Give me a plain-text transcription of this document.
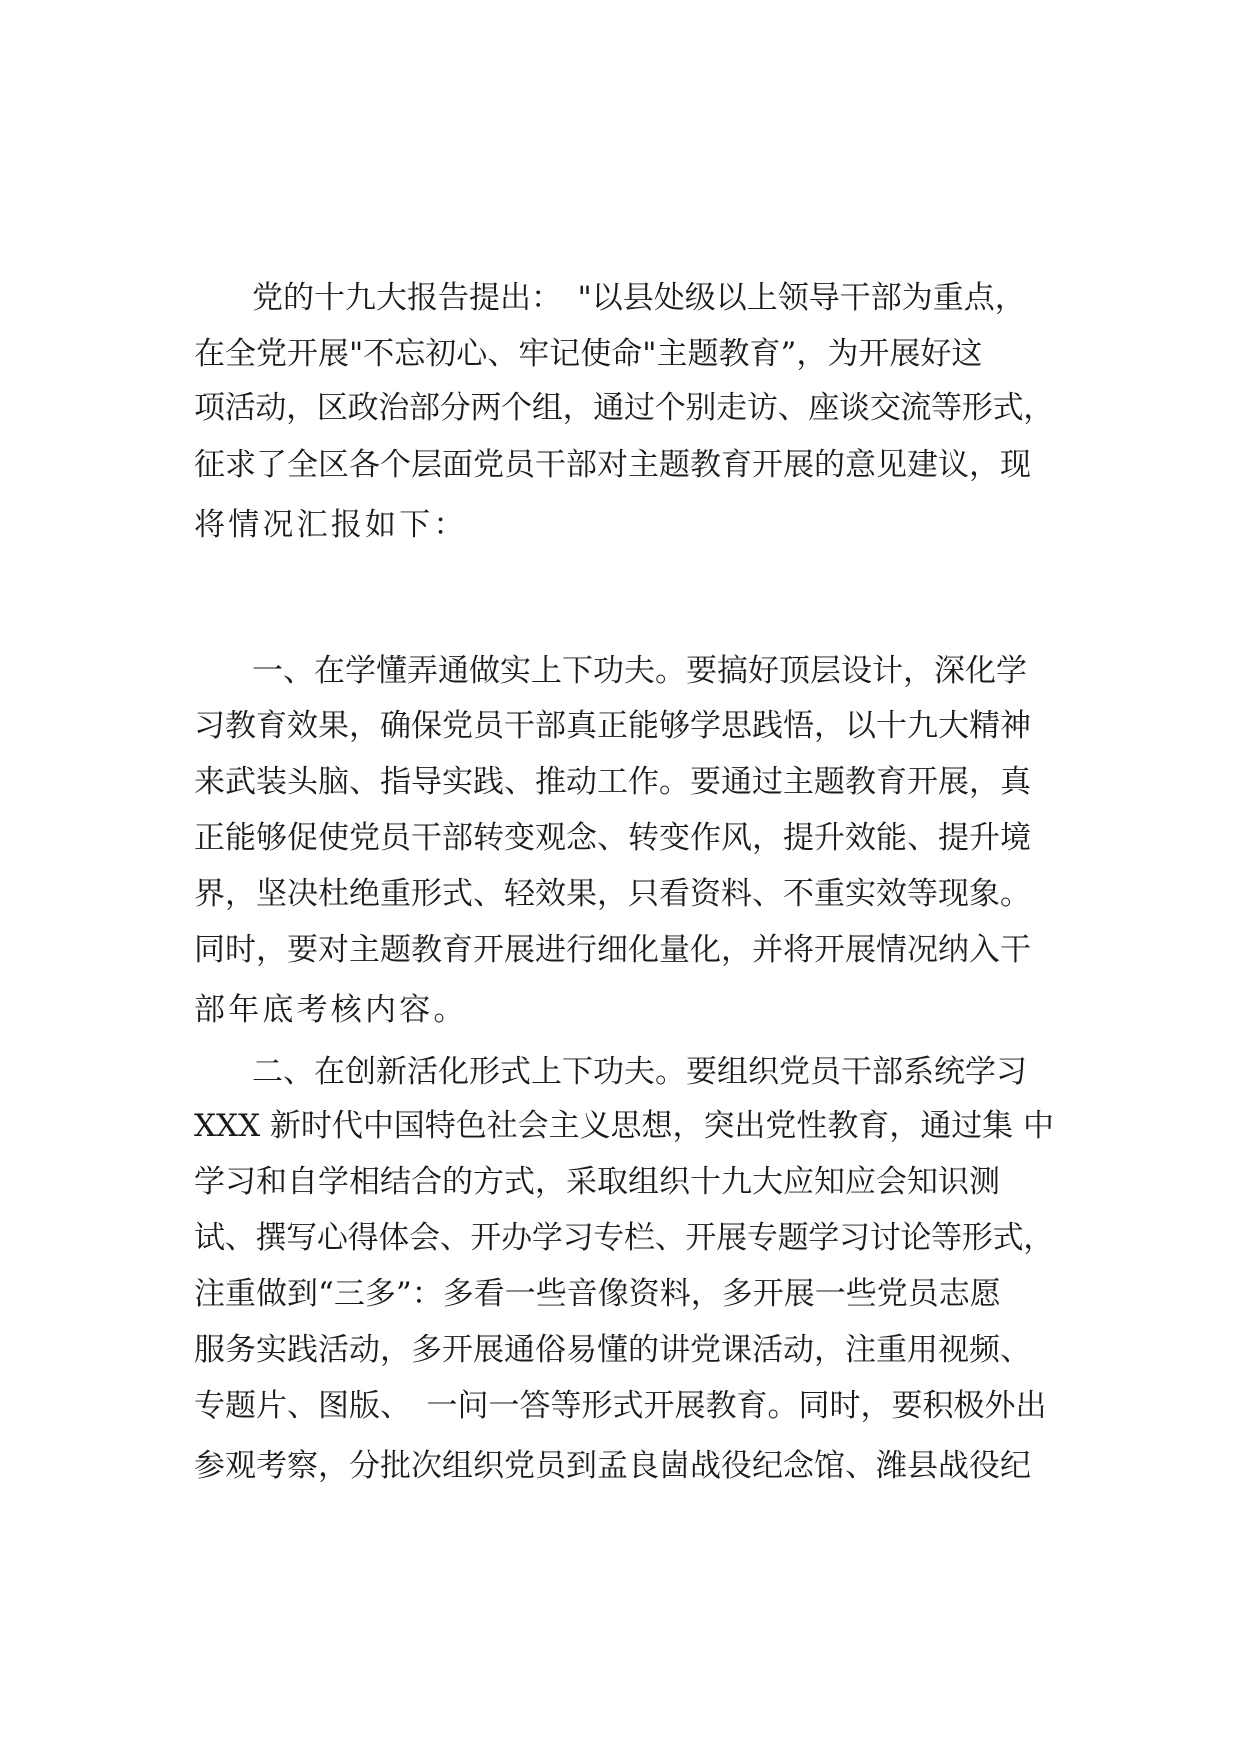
党的十九大报告提出：　"以县处级以上领导干部为重点，
在全党开展"不忘初心、牢记使命"主题教育”，为开展好这
项活动，区政治部分两个组，通过个别走访、座谈交流等形式，
征求了全区各个层面党员干部对主题教育开展的意见建议，现
将情况汇报如下：
一、在学懂弄通做实上下功夫。要搞好顶层设计，深化学
习教育效果，确保党员干部真正能够学思践悟，以十九大精神
来武装头脑、指导实践、推动工作。要通过主题教育开展，真
正能够促使党员干部转变观念、转变作风，提升效能、提升境
界，坚决杜绝重形式、轻效果，只看资料、不重实效等现象。
同时，要对主题教育开展进行细化量化，并将开展情况纳入干
部年底考核内容。
二、在创新活化形式上下功夫。要组织党员干部系统学习
XXX 新时代中国特色社会主义思想，突出党性教育，通过集 中
学习和自学相结合的方式，采取组织十九大应知应会知识测
试、撰写心得体会、开办学习专栏、开展专题学习讨论等形式，
注重做到“三多”：多看一些音像资料，多开展一些党员志愿
服务实践活动，多开展通俗易懂的讲党课活动，注重用视频、
专题片、图版、　一问一答等形式开展教育。同时，要积极外出
参观考察，分批次组织党员到孟良崮战役纪念馆、潍县战役纪
